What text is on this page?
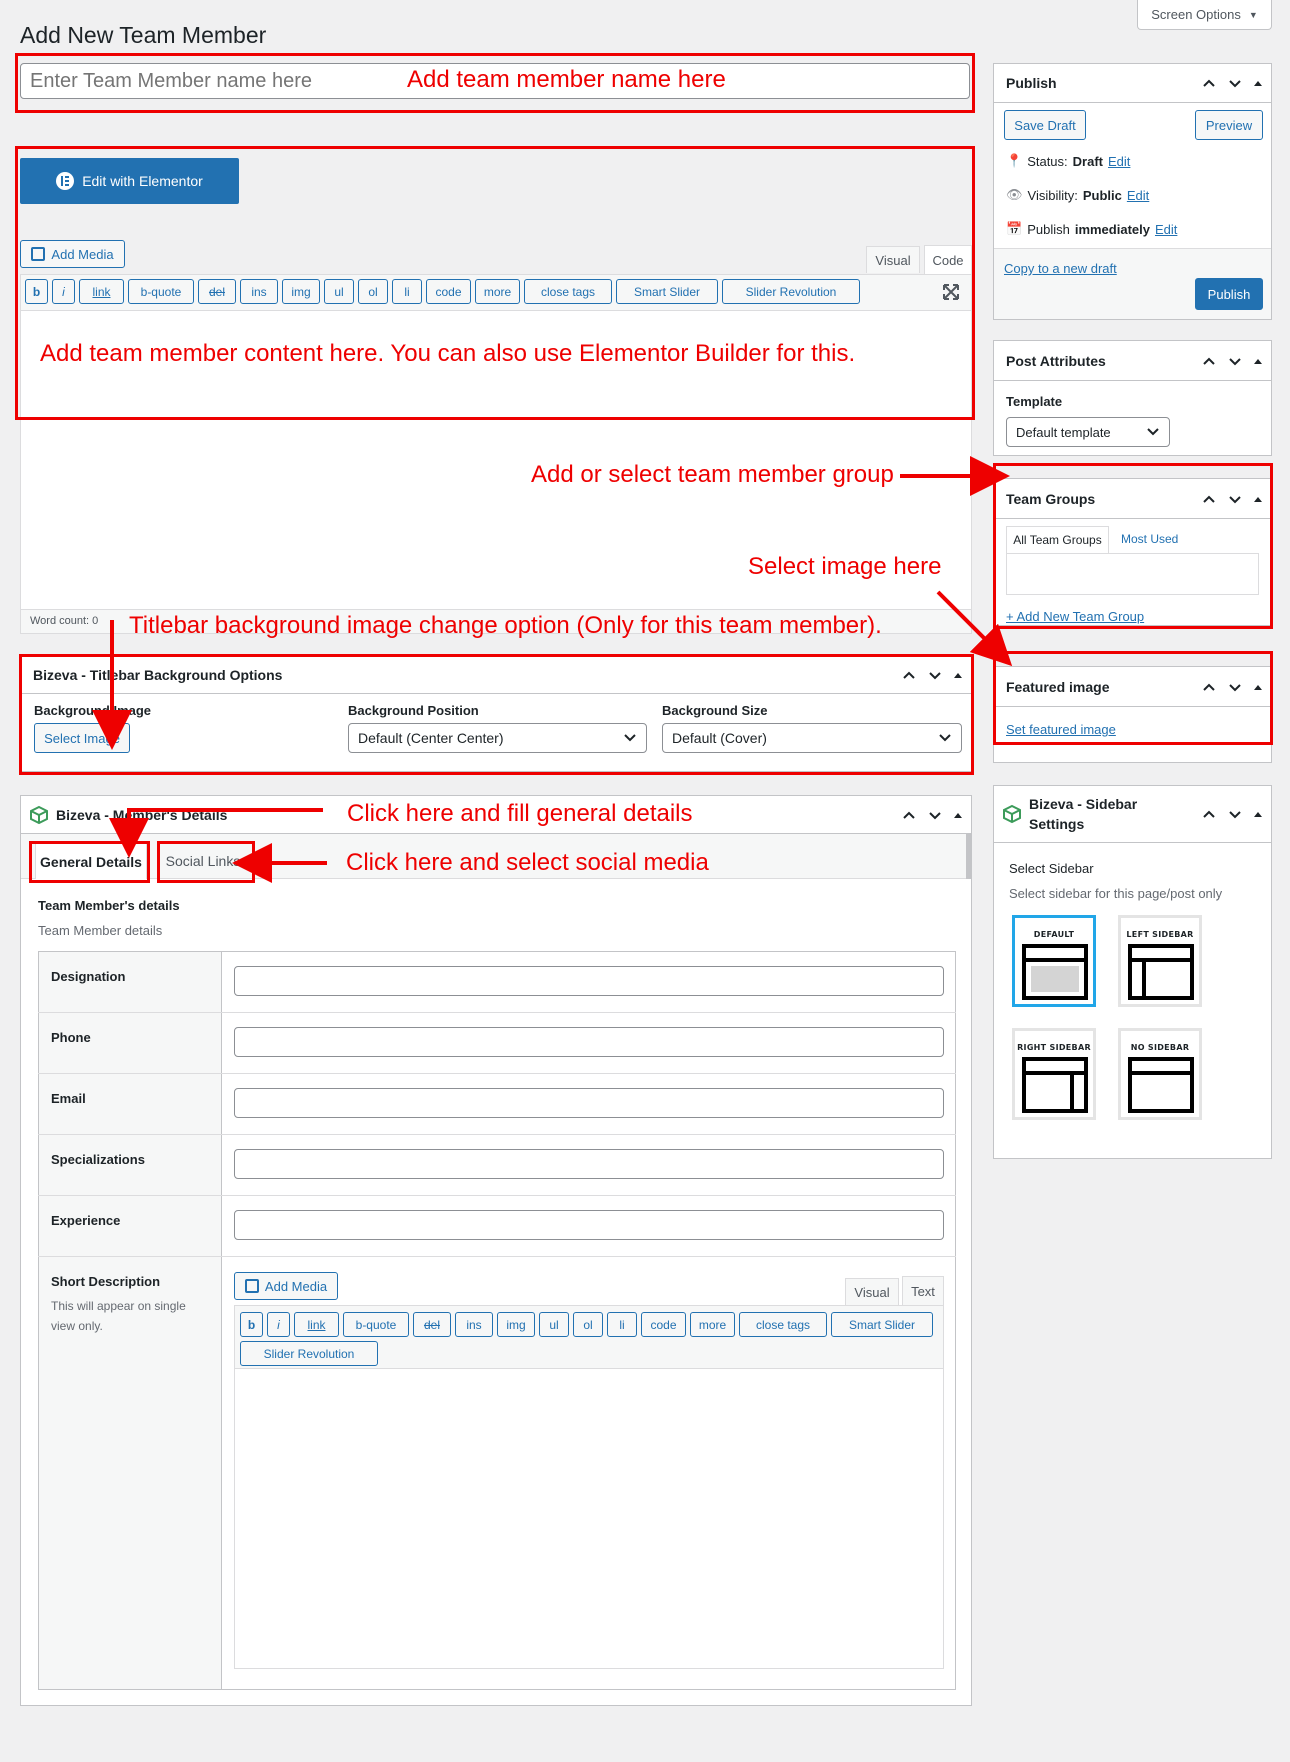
Screen Options ▼
Add New Team Member
Enter Team Member name here
Edit with Elementor
Add Media	Visual Code
Word count: 0
b	i	link	b-quote	del	ins	img	ul	ol	li	code	more	close tags	Smart Slider	Slider Revolution
Publish
Save Draft	Preview
📍 Status: Draft Edit
👁 Visibility: Public Edit
📅 Publish immediately Edit
Copy to a new draft
Publish
Post Attributes
Template
Default template
Team Groups
All Team Groups Most Used
+ Add New Team Group
Featured image
Set featured image
Bizeva - Sidebar
Settings
Select Sidebar
Select sidebar for this page/post only
DEFAULT	LEFT SIDEBAR
RIGHT SIDEBAR	NO SIDEBAR
Bizeva - Titlebar Background Options
Background Image
Select Image
Background Position
Default (Center Center)
Background Size
Default (Cover)
Bizeva - Member's Details
General Details Social Links
Team Member's details
Team Member details
Designation
Phone
Email
Specializations
Experience
Short Description
This will appear on single
view only.
Add Media	Visual Text
b	i	link	b-quote	del	ins	img	ul	ol	li	code	more	close tags	Smart Slider
Slider Revolution
Add team member name here
Add team member content here. You can also use Elementor Builder for this.
Add or select team member group
Select image here
Titlebar background image change option (Only for this team member).
Click here and fill general details
Click here and select social media
